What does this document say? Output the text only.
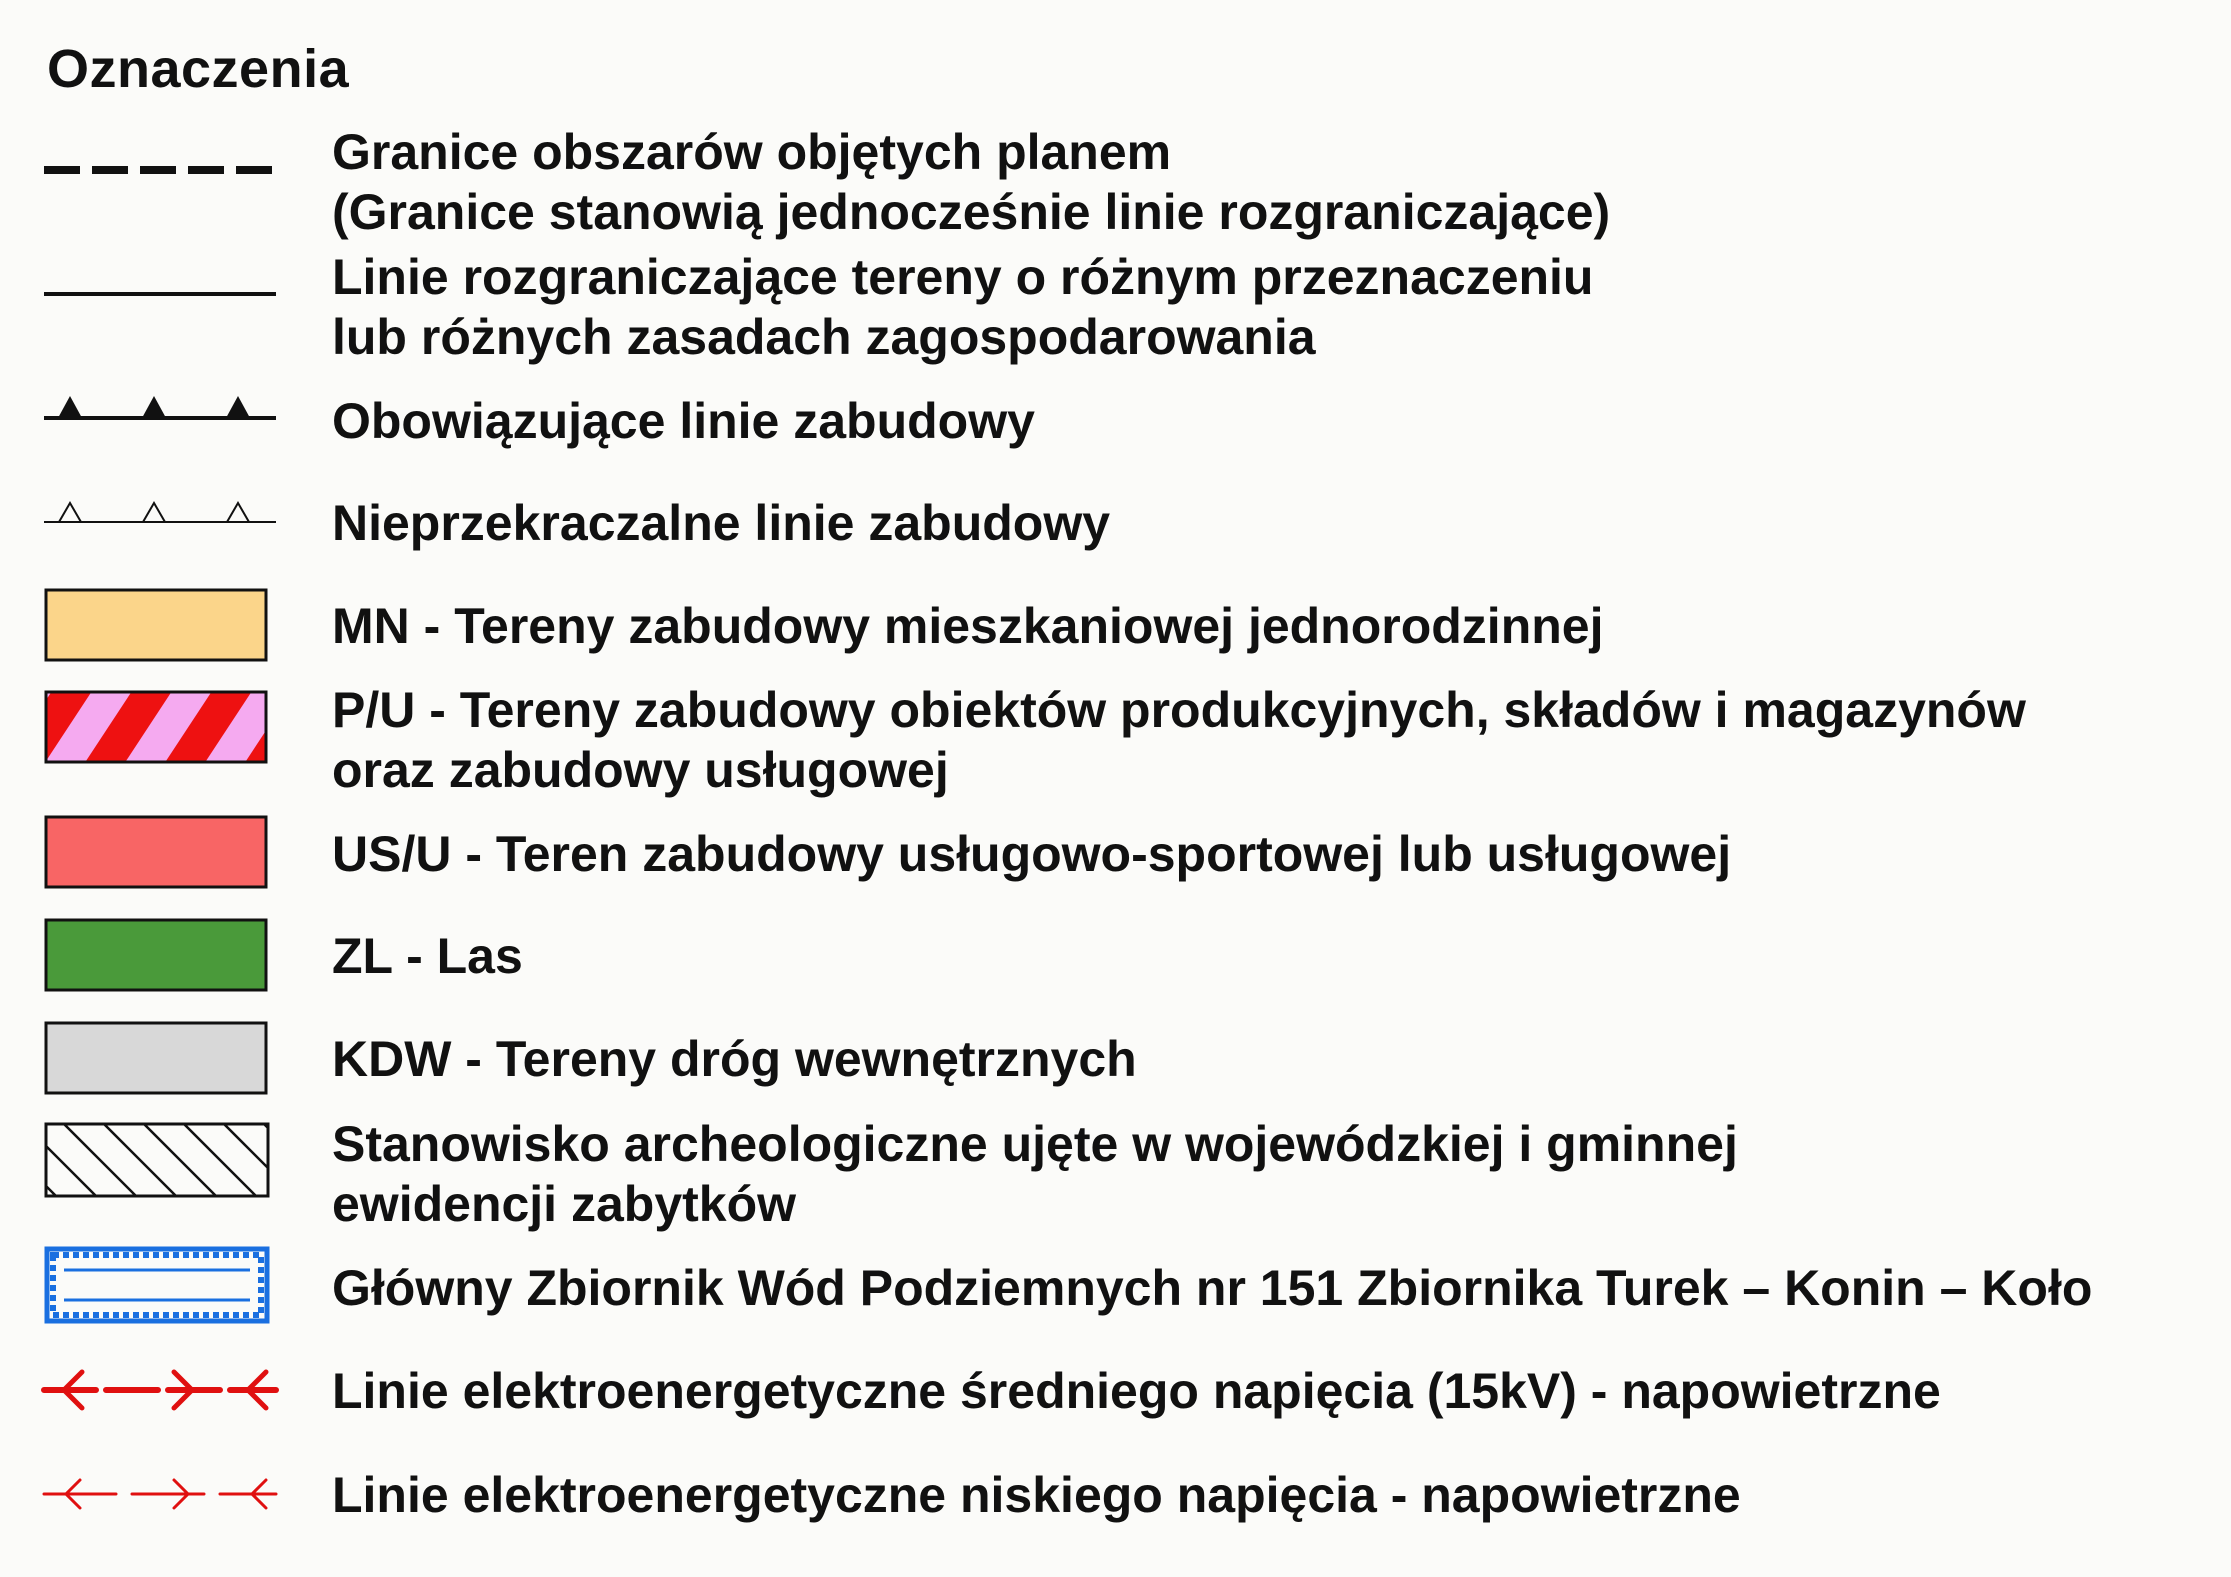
Oznaczenia
Granice obszarów objętych planem
(Granice stanowią jednocześnie linie rozgraniczające)
Linie rozgraniczające tereny o różnym przeznaczeniu
lub różnych zasadach zagospodarowania
Obowiązujące linie zabudowy
Nieprzekraczalne linie zabudowy
MN - Tereny zabudowy mieszkaniowej jednorodzinnej
P/U - Tereny zabudowy obiektów produkcyjnych, składów i magazynów
oraz zabudowy usługowej
US/U - Teren zabudowy usługowo-sportowej lub usługowej
ZL - Las
KDW - Tereny dróg wewnętrznych
Stanowisko archeologiczne ujęte w wojewódzkiej i gminnej
ewidencji zabytków
Główny Zbiornik Wód Podziemnych nr 151 Zbiornika Turek – Konin – Koło
Linie elektroenergetyczne średniego napięcia (15kV) - napowietrzne
Linie elektroenergetyczne niskiego napięcia - napowietrzne
